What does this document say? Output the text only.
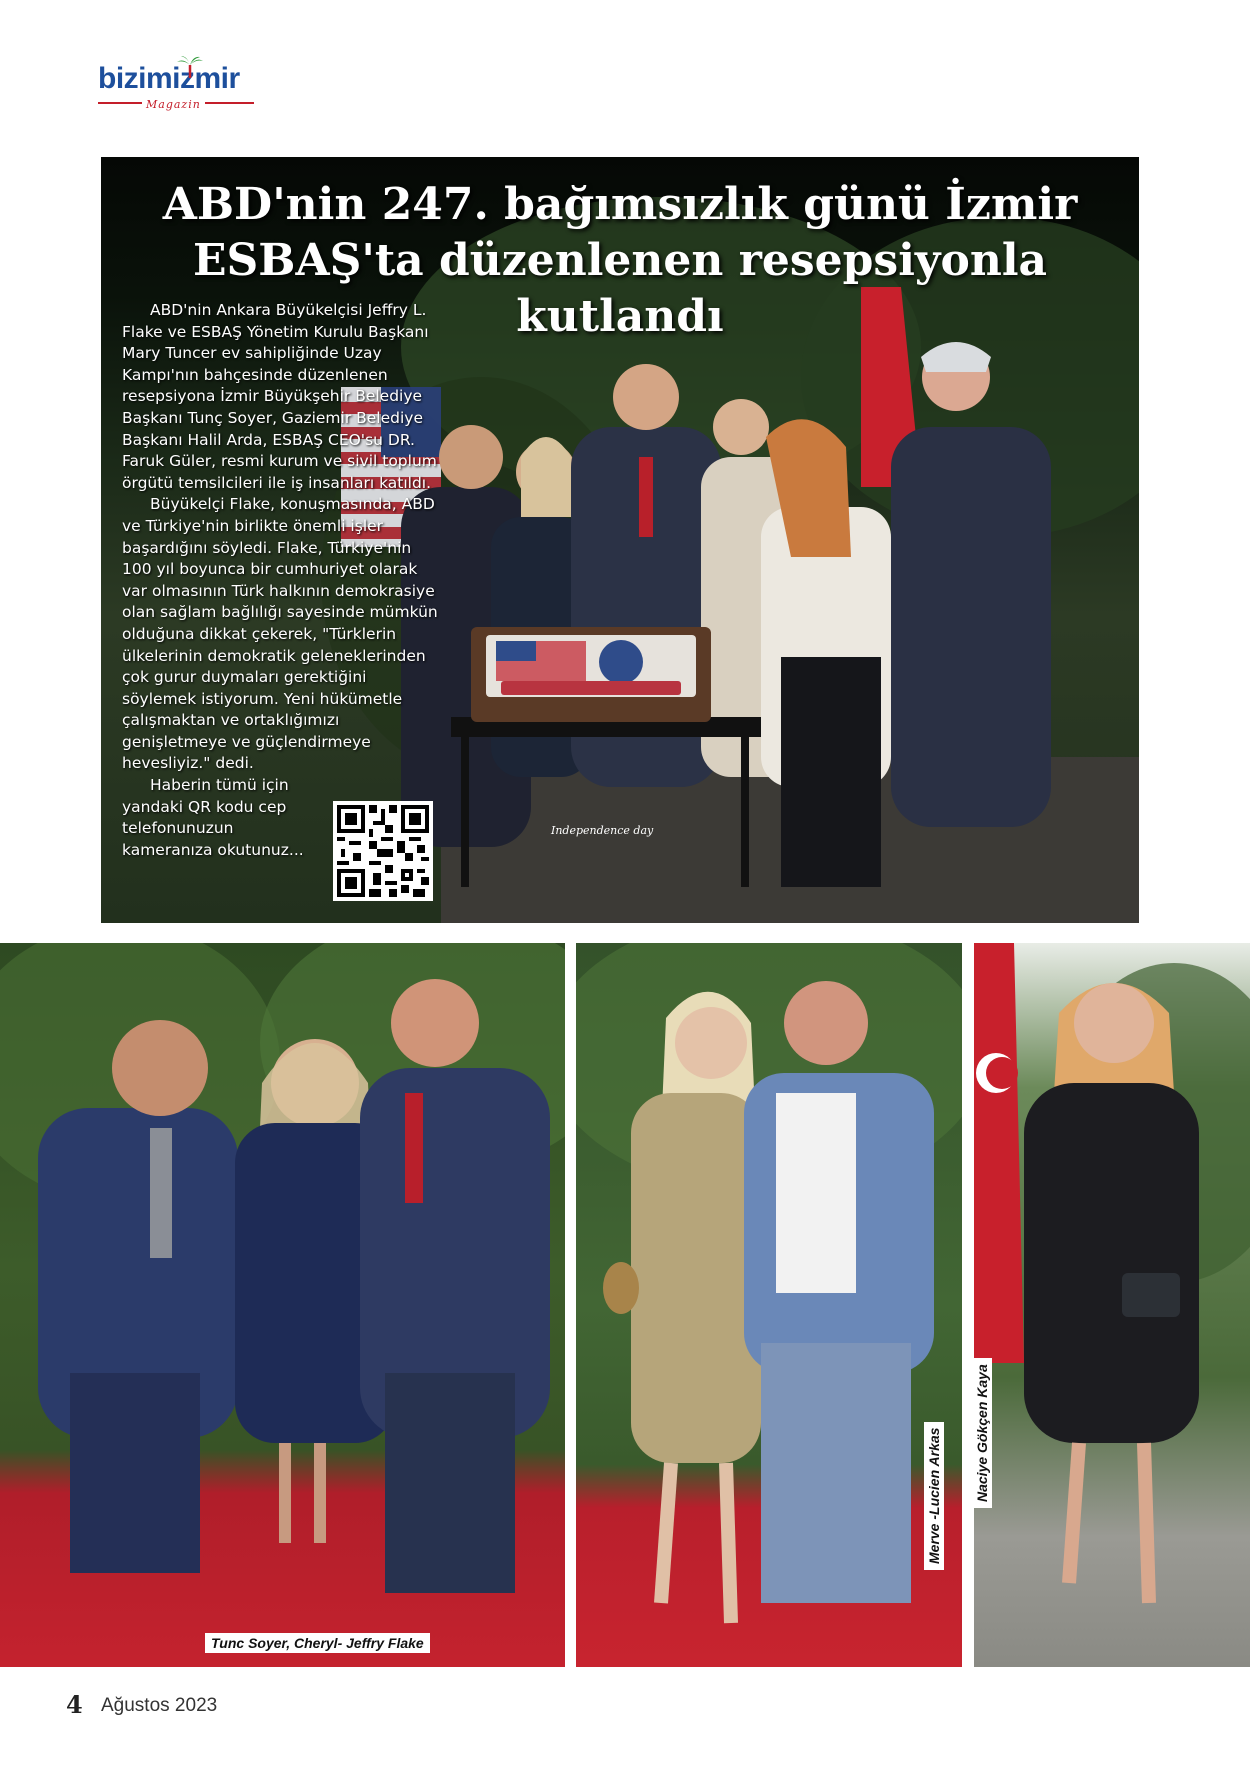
bizimizmir
Magazin
Independence day
ABD'nin 247. bağımsızlık günü İzmir
ESBAŞ'ta düzenlenen resepsiyonla kutlandı

ABD'nin Ankara Büyükelçisi Jeffry L. Flake ve ESBAŞ Yönetim Kurulu Başkanı Mary Tuncer ev sahipliğinde Uzay Kampı'nın bahçesinde düzenlenen resepsiyona İzmir Büyükşehir Belediye Başkanı Tunç Soyer, Gaziemir Belediye Başkanı Halil Arda, ESBAŞ CEO'su DR. Faruk Güler, resmi kurum ve sivil toplum örgütü temsilcileri ile iş insanları katıldı.

Büyükelçi Flake, konuşmasında, ABD ve Türkiye'nin birlikte önemli işler başardığını söyledi. Flake, Türkiye'nin 100 yıl boyunca bir cumhuriyet olarak var olmasının Türk halkının demokrasiye olan sağlam bağlılığı sayesinde mümkün olduğuna dikkat çekerek, "Türklerin ülkelerinin demokratik geleneklerinden çok gurur duymaları gerektiğini söylemek istiyorum. Yeni hükümetle çalışmaktan ve ortaklığımızı genişletmeye ve güçlendirmeye hevesliyiz." dedi.

Haberin tümü için yandaki QR kodu cep telefonunuzun kameranıza okutunuz...

Tunc Soyer, Cheryl- Jeffry Flake
Merve -Lucien Arkas Naciye Gökçen Kaya
4 Ağustos 2023
